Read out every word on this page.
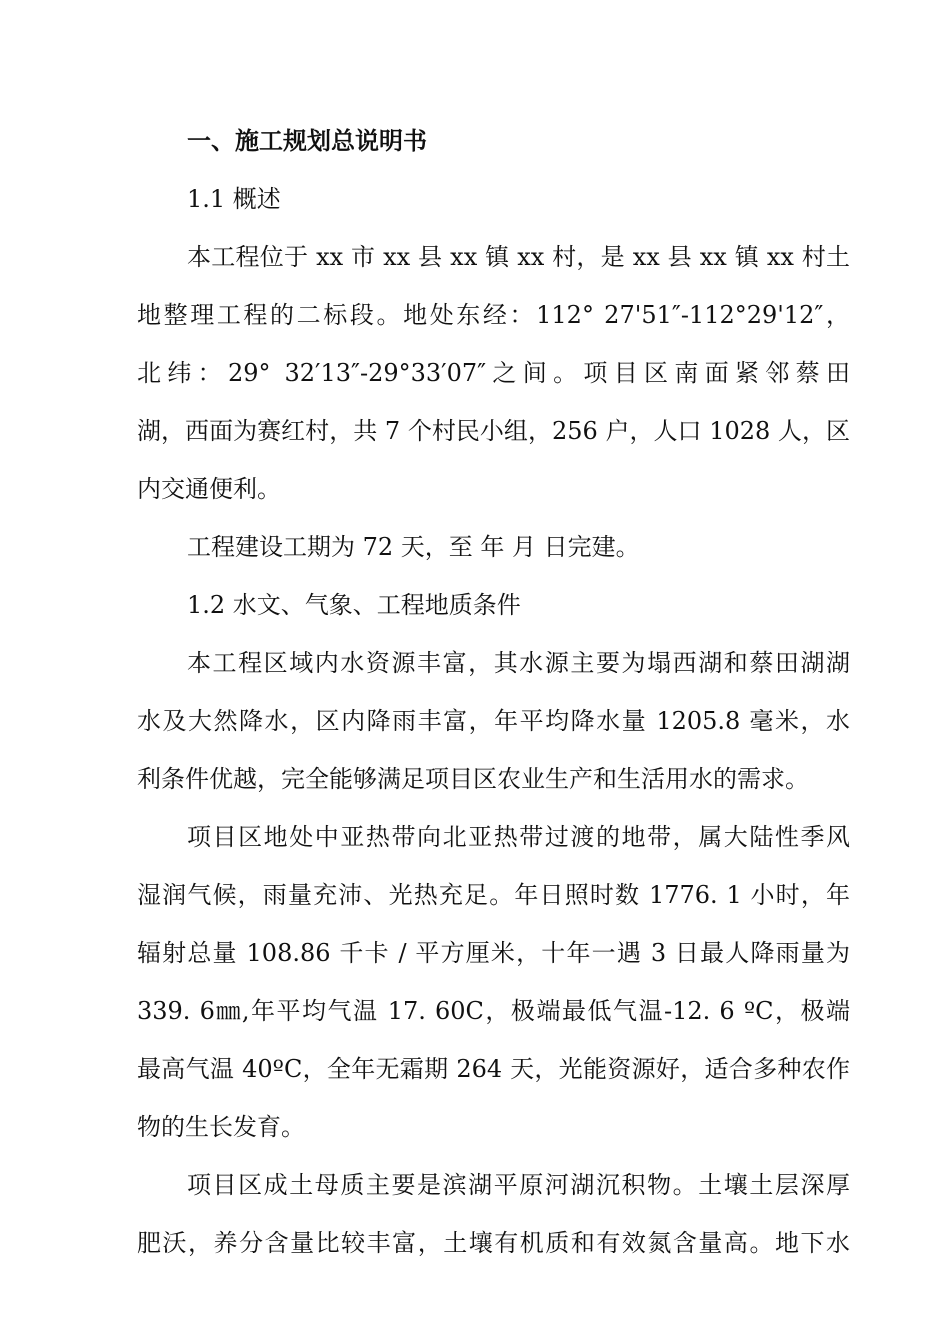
一、施工规划总说明书
1.1 概述

本工程位于 xx 市 xx 县 xx 镇 xx 村，是 xx 县 xx 镇 xx 村土

地整理工程的二标段。地处东经：112° 27'51″-112°29'12″，

北纬：29° 32′13″-29°33′07″之间。项目区南面紧邻蔡田

湖，西面为赛红村，共 7 个村民小组，256 户，人口 1028 人，区

内交通便利。

工程建设工期为 72 天，至 年 月 日完建。

1.2 水文、气象、工程地质条件

本工程区域内水资源丰富，其水源主要为塌西湖和蔡田湖湖

水及大然降水，区内降雨丰富，年平均降水量 1205.8 毫米，水

利条件优越，完全能够满足项目区农业生产和生活用水的需求。

项目区地处中亚热带向北亚热带过渡的地带，属大陆性季风

湿润气候，雨量充沛、光热充足。年日照时数 1776. 1 小时，年

辐射总量 108.86 千卡 / 平方厘米，十年一遇 3 日最人降雨量为

339. 6㎜,年平均气温 17. 60C，极端最低气温-12. 6 ºC，极端

最高气温 40ºC，全年无霜期 264 天，光能资源好，适合多种农作

物的生长发育。

项目区成土母质主要是滨湖平原河湖沉积物。土壤土层深厚

肥沃，养分含量比较丰富，土壤有机质和有效氮含量高。地下水
